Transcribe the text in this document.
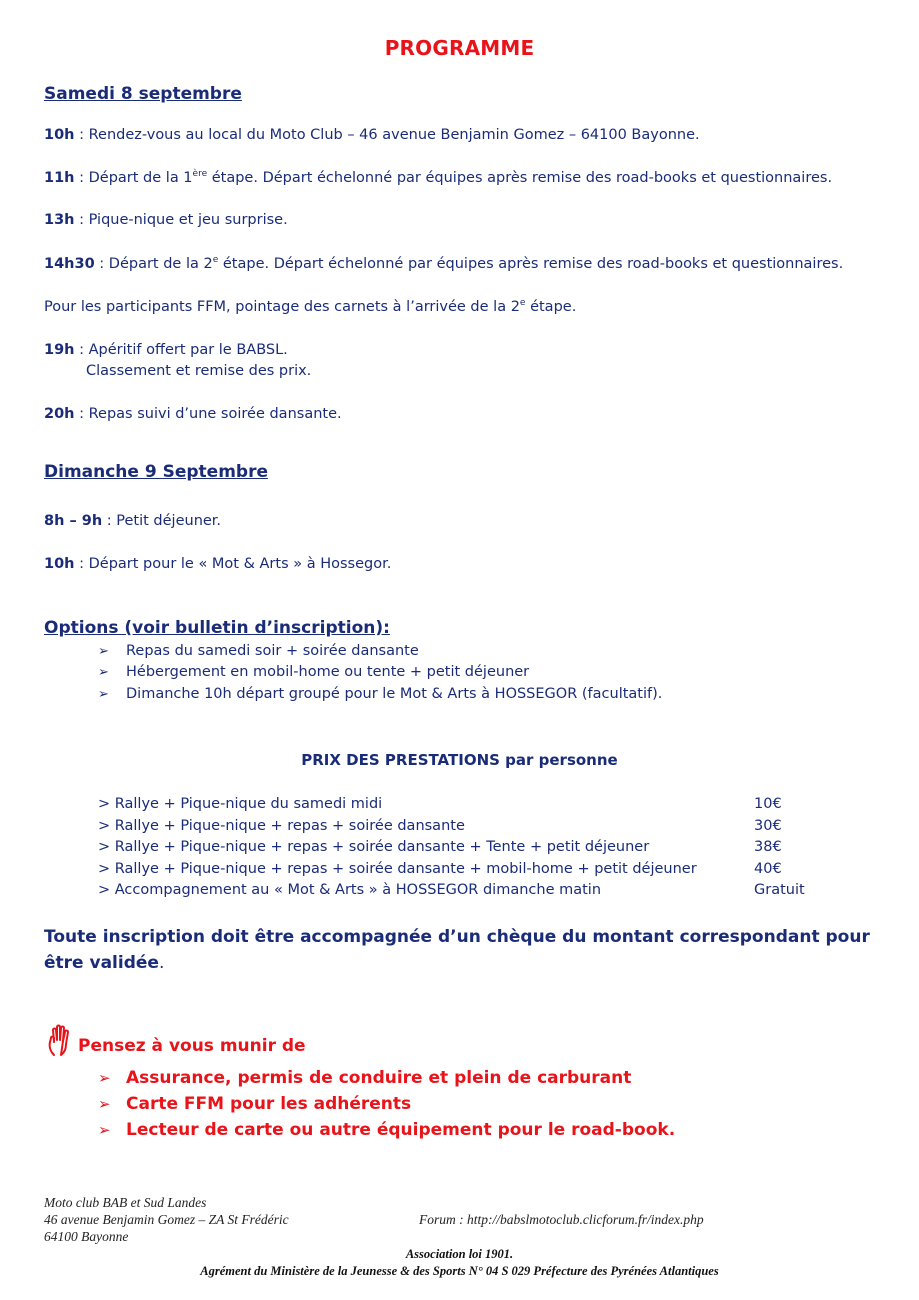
PROGRAMME
Samedi 8 septembre
10h : Rendez-vous au local du Moto Club – 46 avenue Benjamin Gomez – 64100 Bayonne.
11h : Départ de la 1ère étape. Départ échelonné par équipes après remise des road-books et questionnaires.
13h : Pique-nique et jeu surprise.
14h30 : Départ de la 2e étape. Départ échelonné par équipes après remise des road-books et questionnaires.
Pour les participants FFM, pointage des carnets à l’arrivée de la 2e étape.
19h : Apéritif offert par le BABSL.
Classement et remise des prix.
20h : Repas suivi d’une soirée dansante.
Dimanche 9 Septembre
8h – 9h : Petit déjeuner.
10h : Départ pour le « Mot & Arts » à Hossegor.
Options (voir bulletin d’inscription):
➢ Repas du samedi soir + soirée dansante
➢ Hébergement en mobil-home ou tente + petit déjeuner
➢ Dimanche 10h départ groupé pour le Mot & Arts à HOSSEGOR (facultatif).
PRIX DES PRESTATIONS par personne
> Rallye + Pique-nique du samedi midi	10€
> Rallye + Pique-nique + repas + soirée dansante	30€
> Rallye + Pique-nique + repas + soirée dansante + Tente + petit déjeuner	38€
> Rallye + Pique-nique + repas + soirée dansante + mobil-home + petit déjeuner	40€
> Accompagnement au « Mot & Arts » à HOSSEGOR dimanche matin	Gratuit
Toute inscription doit être accompagnée d’un chèque du montant correspondant pour être validée.
Pensez à vous munir de
➢ Assurance, permis de conduire et plein de carburant
➢ Carte FFM pour les adhérents
➢ Lecteur de carte ou autre équipement pour le road-book.
Moto club BAB et Sud Landes
46 avenue Benjamin Gomez – ZA St Frédéric	Forum : http://babslmotoclub.clicforum.fr/index.php
64100 Bayonne
Association loi 1901.
Agrément du Ministère de la Jeunesse & des Sports N° 04 S 029 Préfecture des Pyrénées Atlantiques
